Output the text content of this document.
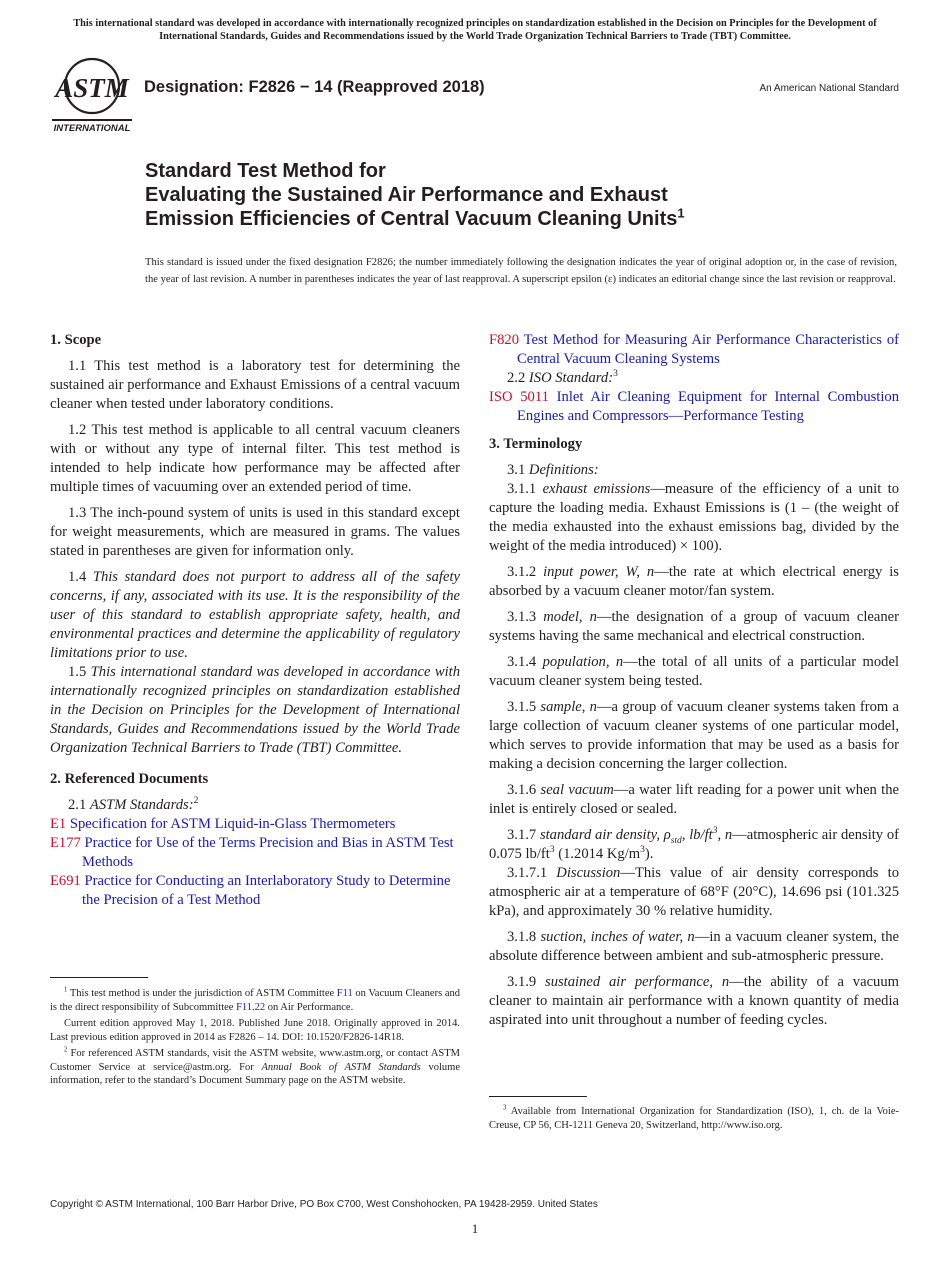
This international standard was developed in accordance with internationally recognized principles on standardization established in the Decision on Principles for the Development of International Standards, Guides and Recommendations issued by the World Trade Organization Technical Barriers to Trade (TBT) Committee.
ASTM
INTERNATIONAL
Designation: F2826 − 14 (Reapproved 2018)	An American National Standard
Standard Test Method for
Evaluating the Sustained Air Performance and Exhaust
Emission Efficiencies of Central Vacuum Cleaning Units$^1$
This standard is issued under the fixed designation F2826; the number immediately following the designation indicates the year of original adoption or, in the case of revision, the year of last revision. A number in parentheses indicates the year of last reapproval. A superscript epsilon (ε) indicates an editorial change since the last revision or reapproval.
1. Scope

1.1 This test method is a laboratory test for determining the sustained air performance and Exhaust Emissions of a central vacuum cleaner when tested under laboratory conditions.

1.2 This test method is applicable to all central vacuum cleaners with or without any type of internal filter. This test method is intended to help indicate how performance may be affected after multiple times of vacuuming over an extended period of time.

1.3 The inch-pound system of units is used in this standard except for weight measurements, which are measured in grams. The values stated in parentheses are given for information only.

1.4 This standard does not purport to address all of the safety concerns, if any, associated with its use. It is the responsibility of the user of this standard to establish appropriate safety, health, and environmental practices and determine the applicability of regulatory limitations prior to use.

1.5 This international standard was developed in accordance with internationally recognized principles on standardization established in the Decision on Principles for the Development of International Standards, Guides and Recommendations issued by the World Trade Organization Technical Barriers to Trade (TBT) Committee.

2. Referenced Documents

2.1 ASTM Standards:$^2$

E1 Specification for ASTM Liquid-in-Glass Thermometers
E177 Practice for Use of the Terms Precision and Bias in ASTM Test Methods
E691 Practice for Conducting an Interlaboratory Study to Determine the Precision of a Test Method

$^1$ This test method is under the jurisdiction of ASTM Committee F11 on Vacuum Cleaners and is the direct responsibility of Subcommittee F11.22 on Air Performance.

Current edition approved May 1, 2018. Published June 2018. Originally approved in 2014. Last previous edition approved in 2014 as F2826 – 14. DOI: 10.1520/F2826-14R18.

$^2$ For referenced ASTM standards, visit the ASTM website, www.astm.org, or contact ASTM Customer Service at service@astm.org. For Annual Book of ASTM Standards volume information, refer to the standard’s Document Summary page on the ASTM website.

F820 Test Method for Measuring Air Performance Characteristics of Central Vacuum Cleaning Systems

2.2 ISO Standard:$^3$

ISO 5011 Inlet Air Cleaning Equipment for Internal Combustion Engines and Compressors—Performance Testing
3. Terminology

3.1 Definitions:

3.1.1 exhaust emissions—measure of the efficiency of a unit to capture the loading media. Exhaust Emissions is (1 – (the weight of the media exhausted into the exhaust emissions bag, divided by the weight of the media introduced) × 100).

3.1.2 input power, W, n—the rate at which electrical energy is absorbed by a vacuum cleaner motor/fan system.

3.1.3 model, n—the designation of a group of vacuum cleaner systems having the same mechanical and electrical construction.

3.1.4 population, n—the total of all units of a particular model vacuum cleaner system being tested.

3.1.5 sample, n—a group of vacuum cleaner systems taken from a large collection of vacuum cleaner systems of one particular model, which serves to provide information that may be used as a basis for making a decision concerning the larger collection.

3.1.6 seal vacuum—a water lift reading for a power unit when the inlet is entirely closed or sealed.

3.1.7 standard air density, $\rho_{std}$, $lb/ft^3$, n—atmospheric air density of 0.075 $lb/ft^3$ (1.2014 $Kg/m^3$).

3.1.7.1 Discussion—This value of air density corresponds to atmospheric air at a temperature of 68°F (20°C), 14.696 psi (101.325 kPa), and approximately 30 % relative humidity.

3.1.8 suction, inches of water, n—in a vacuum cleaner system, the absolute difference between ambient and sub-atmospheric pressure.

3.1.9 sustained air performance, n—the ability of a vacuum cleaner to maintain air performance with a known quantity of media aspirated into unit throughout a number of feeding cycles.

$^3$ Available from International Organization for Standardization (ISO), 1, ch. de la Voie-Creuse, CP 56, CH-1211 Geneva 20, Switzerland, http://www.iso.org.

Copyright © ASTM International, 100 Barr Harbor Drive, PO Box C700, West Conshohocken, PA 19428-2959. United States
1
